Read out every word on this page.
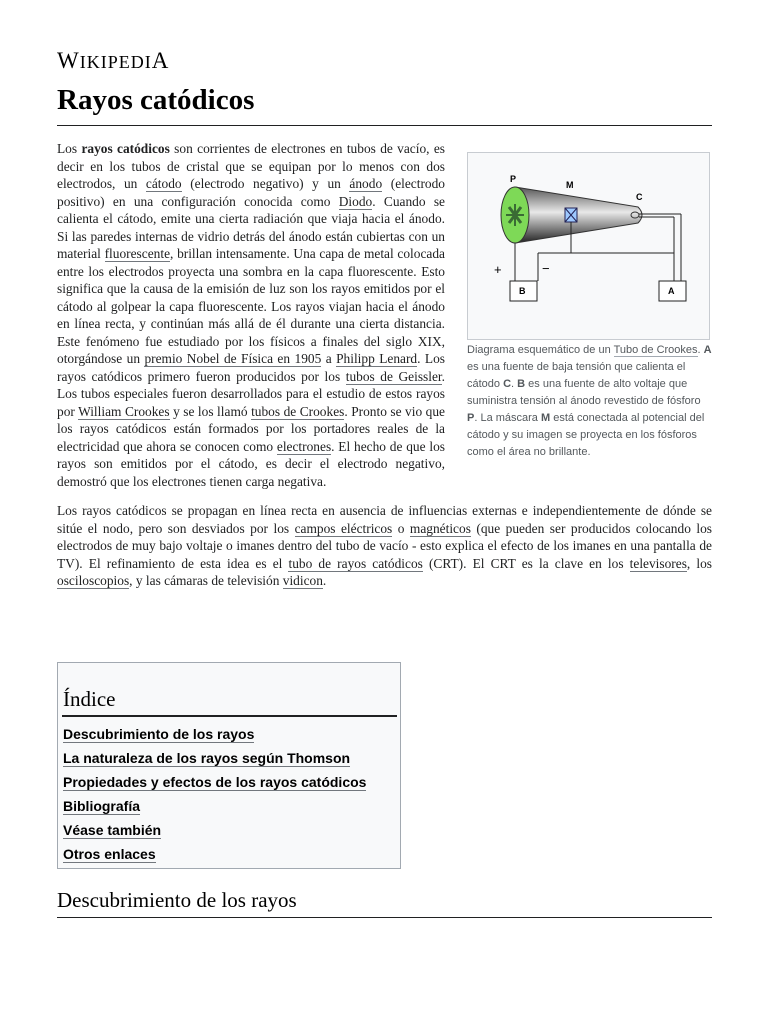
WIKIPEDIA
Rayos catódicos
P
M
C
B	A
+	−
Diagrama esquemático de un Tubo de Crookes. A es una fuente de baja tensión que calienta el cátodo C. B es una fuente de alto voltaje que suministra tensión al ánodo revestido de fósforo P. La máscara M está conectada al potencial del cátodo y su imagen se proyecta en los fósforos como el área no brillante.

Los rayos catódicos son corrientes de electrones en tubos de vacío, es decir en los tubos de cristal que se equipan por lo menos con dos electrodos, un cátodo (electrodo negativo) y un ánodo (electrodo positivo) en una configuración conocida como Diodo. Cuando se calienta el cátodo, emite una cierta radiación que viaja hacia el ánodo. Si las paredes internas de vidrio detrás del ánodo están cubiertas con un material fluorescente, brillan intensamente. Una capa de metal colocada entre los electrodos proyecta una sombra en la capa fluorescente. Esto significa que la causa de la emisión de luz son los rayos emitidos por el cátodo al golpear la capa fluorescente. Los rayos viajan hacia el ánodo en línea recta, y continúan más allá de él durante una cierta distancia. Este fenómeno fue estudiado por los físicos a finales del siglo XIX, otorgándose un premio Nobel de Física en 1905 a Philipp Lenard. Los rayos catódicos primero fueron producidos por los tubos de Geissler. Los tubos especiales fueron desarrollados para el estudio de estos rayos por William Crookes y se los llamó tubos de Crookes. Pronto se vio que los rayos catódicos están formados por los portadores reales de la electricidad que ahora se conocen como electrones. El hecho de que los rayos son emitidos por el cátodo, es decir el electrodo negativo, demostró que los electrones tienen carga negativa.

Los rayos catódicos se propagan en línea recta en ausencia de influencias externas e independientemente de dónde se sitúe el nodo, pero son desviados por los campos eléctricos o magnéticos (que pueden ser producidos colocando los electrodos de muy bajo voltaje o imanes dentro del tubo de vacío - esto explica el efecto de los imanes en una pantalla de TV). El refinamiento de esta idea es el tubo de rayos catódicos (CRT). El CRT es la clave en los televisores, los osciloscopios, y las cámaras de televisión vidicon.

Índice
Descubrimiento de los rayos
La naturaleza de los rayos según Thomson
Propiedades y efectos de los rayos catódicos
Bibliografía
Véase también
Otros enlaces
Descubrimiento de los rayos
